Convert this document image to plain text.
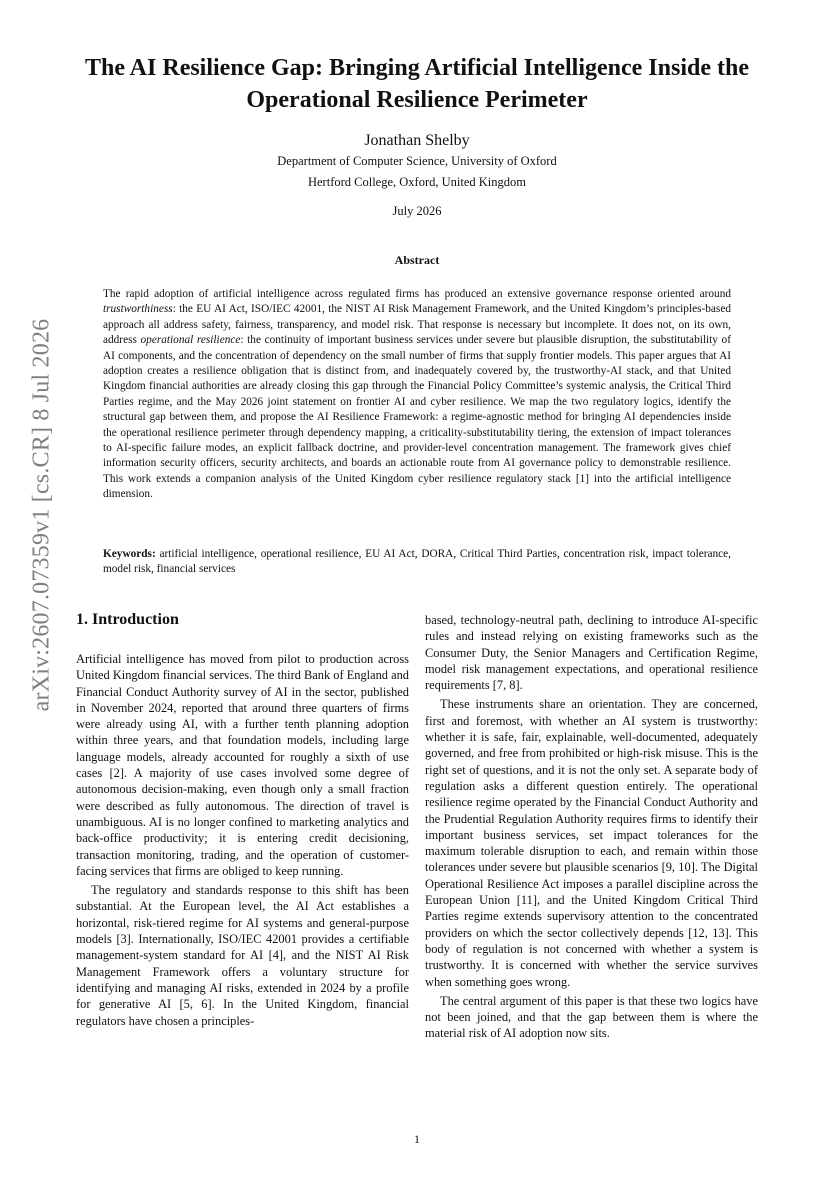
arXiv:2607.07359v1 [cs.CR] 8 Jul 2026
The AI Resilience Gap: Bringing Artificial Intelligence Inside the Operational Resilience Perimeter
Jonathan Shelby
Department of Computer Science, University of Oxford
Hertford College, Oxford, United Kingdom
July 2026
Abstract

The rapid adoption of artificial intelligence across regulated firms has produced an extensive governance response oriented around trustworthiness: the EU AI Act, ISO/IEC 42001, the NIST AI Risk Management Framework, and the United Kingdom’s principles-based approach all address safety, fairness, transparency, and model risk. That response is necessary but incomplete. It does not, on its own, address operational resilience: the continuity of important business services under severe but plausible disruption, the substitutability of AI components, and the concentration of dependency on the small number of firms that supply frontier models. This paper argues that AI adoption creates a resilience obligation that is distinct from, and inadequately covered by, the trustworthy-AI stack, and that United Kingdom financial authorities are already closing this gap through the Financial Policy Committee’s systemic analysis, the Critical Third Parties regime, and the May 2026 joint statement on frontier AI and cyber resilience. We map the two regulatory logics, identify the structural gap between them, and propose the AI Resilience Framework: a regime-agnostic method for bringing AI dependencies inside the operational resilience perimeter through dependency mapping, a criticality-substitutability tiering, the extension of impact tolerances to AI-specific failure modes, an explicit fallback doctrine, and provider-level concentration management. The framework gives chief information security officers, security architects, and boards an actionable route from AI governance policy to demonstrable resilience. This work extends a companion analysis of the United Kingdom cyber resilience regulatory stack [1] into the artificial intelligence dimension.

Keywords: artificial intelligence, operational resilience, EU AI Act, DORA, Critical Third Parties, concentration risk, impact tolerance, model risk, financial services

1. Introduction

Artificial intelligence has moved from pilot to production across United Kingdom financial services. The third Bank of England and Financial Conduct Authority survey of AI in the sector, published in November 2024, reported that around three quarters of firms were already using AI, with a further tenth planning adoption within three years, and that foundation models, including large language models, already accounted for roughly a sixth of use cases [2]. A majority of use cases involved some degree of autonomous decision-making, even though only a small fraction were described as fully autonomous. The direction of travel is unambiguous. AI is no longer confined to marketing analytics and back-office productivity; it is entering credit decisioning, transaction monitoring, trading, and the operation of customer-facing services that firms are obliged to keep running.

The regulatory and standards response to this shift has been substantial. At the European level, the AI Act establishes a horizontal, risk-tiered regime for AI systems and general-purpose models [3]. Internationally, ISO/IEC 42001 provides a certifiable management-system standard for AI [4], and the NIST AI Risk Management Framework offers a voluntary structure for identifying and managing AI risks, extended in 2024 by a profile for generative AI [5, 6]. In the United Kingdom, financial regulators have chosen a principles-

based, technology-neutral path, declining to introduce AI-specific rules and instead relying on existing frameworks such as the Consumer Duty, the Senior Managers and Certification Regime, model risk management expectations, and operational resilience requirements [7, 8].

These instruments share an orientation. They are concerned, first and foremost, with whether an AI system is trustworthy: whether it is safe, fair, explainable, well-documented, adequately governed, and free from prohibited or high-risk misuse. This is the right set of questions, and it is not the only set. A separate body of regulation asks a different question entirely. The operational resilience regime operated by the Financial Conduct Authority and the Prudential Regulation Authority requires firms to identify their important business services, set impact tolerances for the maximum tolerable disruption to each, and remain within those tolerances under severe but plausible scenarios [9, 10]. The Digital Operational Resilience Act imposes a parallel discipline across the European Union [11], and the United Kingdom Critical Third Parties regime extends supervisory attention to the concentrated providers on which the sector collectively depends [12, 13]. This body of regulation is not concerned with whether a system is trustworthy. It is concerned with whether the service survives when something goes wrong.

The central argument of this paper is that these two logics have not been joined, and that the gap between them is where the material risk of AI adoption now sits.

1
